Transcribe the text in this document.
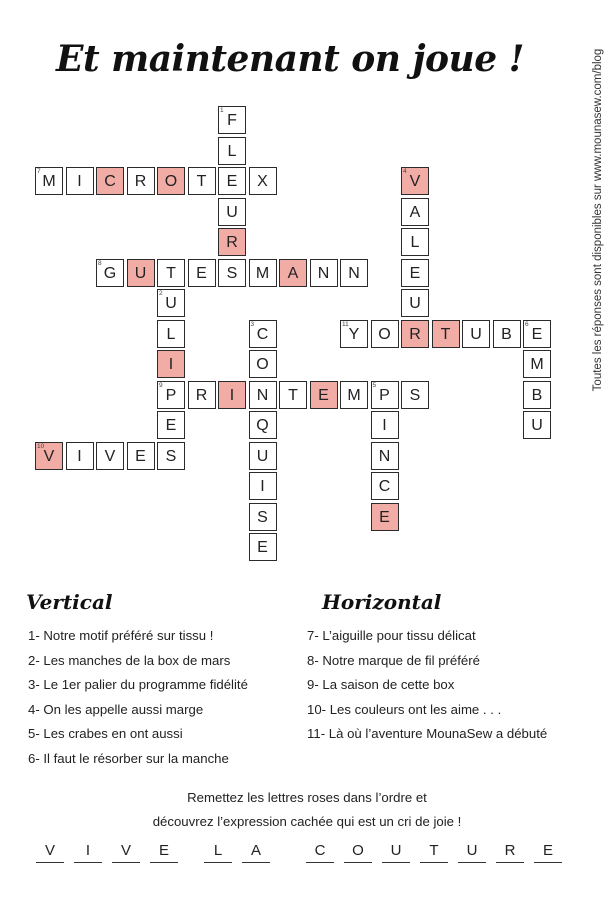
Et maintenant on joue !	Toutes les réponses sont disponibles sur www.mounasew.com/blog
F
L
E
U
R
S
U
L
I
P
E
S
C
O
N
Q
U
I
S
E
V
A
L
E
U
R
P
I
N
C
E
E
M
B
U
M	I	C	R	O	T	X
G	U	T	E	M	A	N	N
R	I	T	E	M	S
V	I	V	E
Y	O	T	U	B
1
2
3
4
5
6
7
8
9
10
11
Vertical
1- Notre motif préféré sur tissu !
2- Les manches de la box de mars
3- Le 1er palier du programme fidélité
4- On les appelle aussi marge
5- Les crabes en ont aussi
6- Il faut le résorber sur la manche
Horizontal
7- L’aiguille pour tissu délicat
8- Notre marque de fil préféré
9- La saison de cette box
10- Les couleurs ont les aime . . .
11- Là où l’aventure MounaSew a débuté
Remettez les lettres roses dans l’ordre et
découvrez l’expression cachée qui est un cri de joie !
V	I	V	E	L	A	C	O	U	T	U	R	E
